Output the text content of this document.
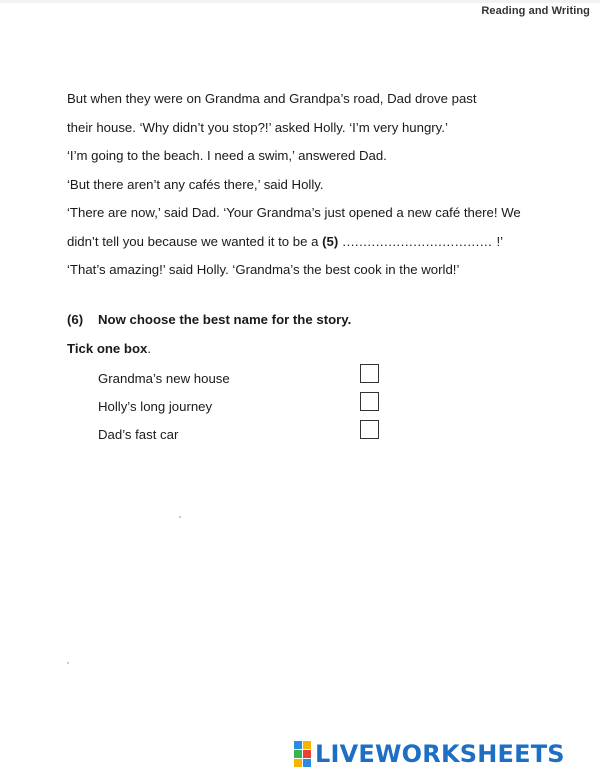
Reading and Writing

But when they were on Grandma and Grandpa’s road, Dad drove past

their house. ‘Why didn’t you stop?!’ asked Holly. ‘I’m very hungry.’

‘I’m going to the beach. I need a swim,’ answered Dad.

‘But there aren’t any cafés there,’ said Holly.

‘There are now,’ said Dad. ‘Your Grandma’s just opened a new café there! We

didn’t tell you because we wanted it to be a (5) .................................... !’

‘That’s amazing!’ said Holly. ‘Grandma’s the best cook in the world!’

(6) Now choose the best name for the story.
Tick one box.
Grandma’s new house
Holly’s long journey
Dad’s fast car
LIVEWORKSHEETS
